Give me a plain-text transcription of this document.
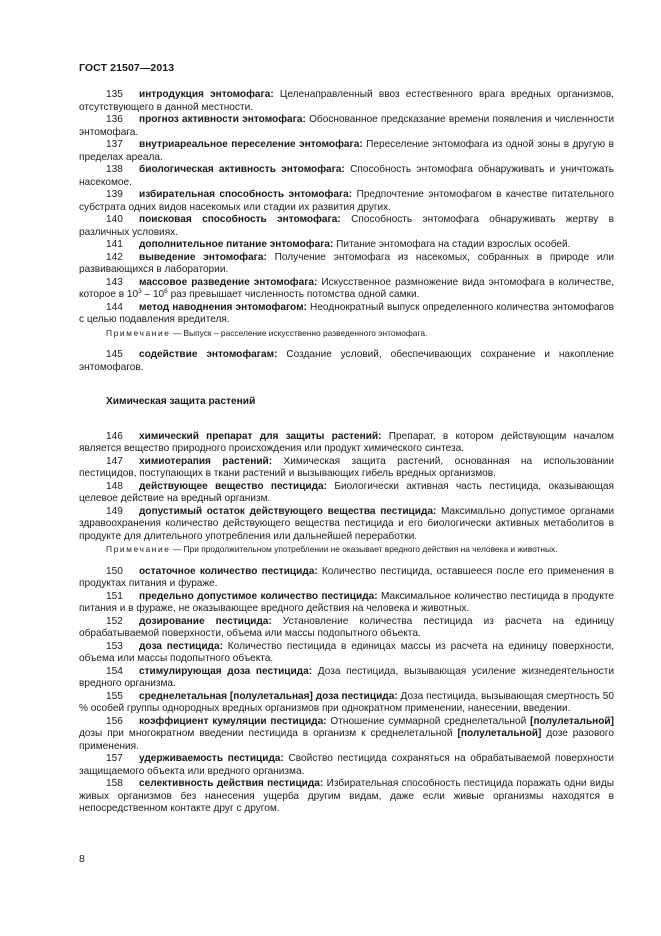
ГОСТ 21507—2013

135 интродукция энтомофага: Целенаправленный ввоз естественного врага вредных организмов, отсутствующего в данной местности.

136 прогноз активности энтомофага: Обоснованное предсказание времени появления и численности энтомофага.

137 внутриареальное переселение энтомофага: Переселение энтомофага из одной зоны в другую в пределах ареала.

138 биологическая активность энтомофага: Способность энтомофага обнаруживать и уничтожать насекомое.

139 избирательная способность энтомофага: Предпочтение энтомофагом в качестве питательного субстрата одних видов насекомых или стадии их развития других.

140 поисковая способность энтомофага: Способность энтомофага обнаруживать жертву в различных условиях.

141 дополнительное питание энтомофага: Питание энтомофага на стадии взрослых особей.

142 выведение энтомофага: Получение энтомофага из насекомых, собранных в природе или развивающихся в лаборатории.

143 массовое разведение энтомофага: Искусственное размножение вида энтомофага в количестве, которое в $10^3 - 10^6$ раз превышает численность потомства одной самки.

144 метод наводнения энтомофагом: Неоднократный выпуск определенного количества энтомофагов с целью подавления вредителя.

Примечание — Выпуск – расселение искусственно разведенного энтомофага.

145 содействие энтомофагам: Создание условий, обеспечивающих сохранение и накопление энтомофагов.

Химическая защита растений

146 химический препарат для защиты растений: Препарат, в котором действующим началом является вещество природного происхождения или продукт химического синтеза.

147 химиотерапия растений: Химическая защита растений, основанная на использовании пестицидов, поступающих в ткани растений и вызывающих гибель вредных организмов.

148 действующее вещество пестицида: Биологически активная часть пестицида, оказывающая целевое действие на вредный организм.

149 допустимый остаток действующего вещества пестицида: Максимально допустимое органами здравоохранения количество действующего вещества пестицида и его биологически активных метаболитов в продукте для длительного употребления или дальнейшей переработки.

Примечание — При продолжительном употреблении не оказывает вредного действия на человека и животных.

150 остаточное количество пестицида: Количество пестицида, оставшееся после его применения в продуктах питания и фураже.

151 предельно допустимое количество пестицида: Максимальное количество пестицида в продукте питания и в фураже, не оказывающее вредного действия на человека и животных.

152 дозирование пестицида: Установление количества пестицида из расчета на единицу обрабатываемой поверхности, объема или массы подопытного объекта.

153 доза пестицида: Количество пестицида в единицах массы из расчета на единицу поверхности, объема или массы подопытного объекта.

154 стимулирующая доза пестицида: Доза пестицида, вызывающая усиление жизнедеятельности вредного организма.

155 среднелетальная [полулетальная] доза пестицида: Доза пестицида, вызывающая смертность 50 % особей группы однородных вредных организмов при однократном применении, нанесении, введении.

156 коэффициент кумуляции пестицида: Отношение суммарной среднелетальной [полулетальной] дозы при многократном введении пестицида в организм к среднелетальной [полулетальной] дозе разового применения.

157 удерживаемость пестицида: Свойство пестицида сохраняться на обрабатываемой поверхности защищаемого объекта или вредного организма.

158 селективность действия пестицида: Избирательная способность пестицида поражать одни виды живых организмов без нанесения ущерба другим видам, даже если живые организмы находятся в непосредственном контакте друг с другом.

8
